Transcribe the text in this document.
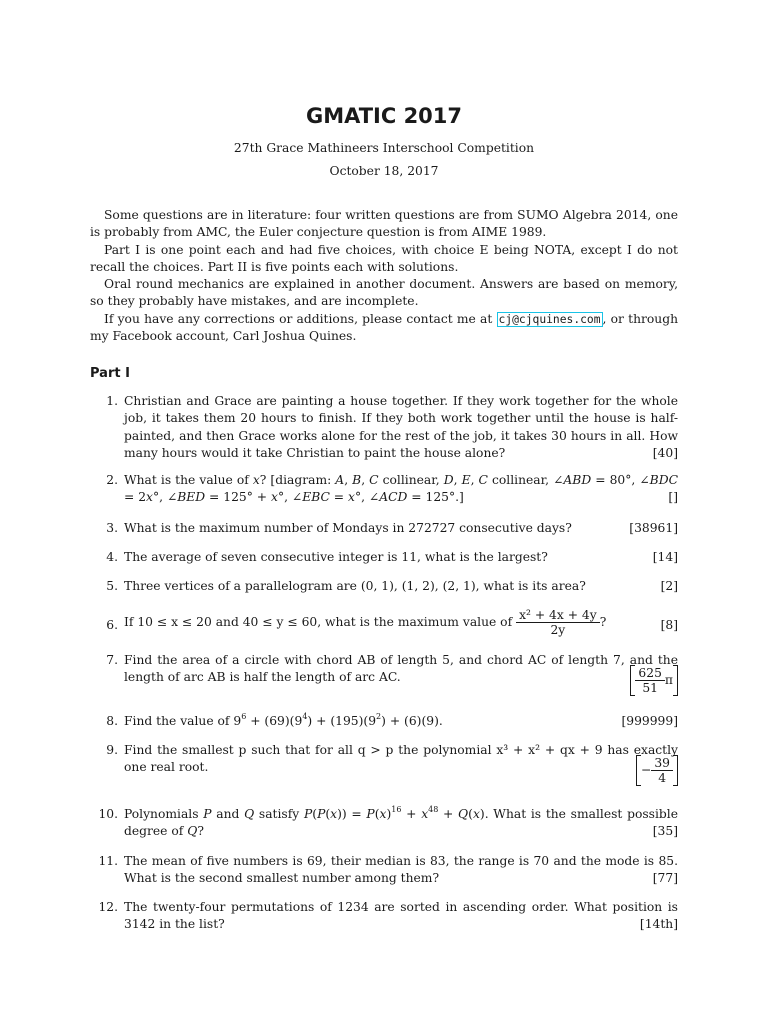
GMATIC 2017
27th Grace Mathineers Interschool Competition
October 18, 2017

Some questions are in literature: four written questions are from SUMO Algebra 2014, one is probably from AMC, the Euler conjecture question is from AIME 1989.

Part I is one point each and had five choices, with choice E being NOTA, except I do not recall the choices. Part II is five points each with solutions.

Oral round mechanics are explained in another document. Answers are based on memory, so they probably have mistakes, and are incomplete.

If you have any corrections or additions, please contact me at cj@cjquines.com , or through my Facebook account, Carl Joshua Quines.

Part I
1. Christian and Grace are painting a house together. If they work together for the whole job, it takes them 20 hours to finish. If they both work together until the house is half-painted, and then Grace works alone for the rest of the job, it takes 30 hours in all. How many hours would it take Christian to paint the house alone?	[40]
2. What is the value of x? [diagram: A, B, C collinear, D, E, C collinear, ∠ABD = 80°, ∠BDC = 2x°, ∠BED = 125° + x°, ∠EBC = x°, ∠ACD = 125°.]	[]
3. What is the maximum number of Mondays in 272727 consecutive days?	[38961]
4. The average of seven consecutive integer is 11, what is the largest?	[14]
5. Three vertices of a parallelogram are (0, 1), (1, 2), (2, 1), what is its area?	[2]
6.	[8]
If 10 ≤ x ≤ 20 and 40 ≤ y ≤ 60, what is the maximum value of $\frac{\text{x² + 4x + 4y}}{2y}$ ?
7. Find the area of a circle with chord AB of length 5, and chord AC of length 7, and the length of arc AB is half the length of arc AC.	$\frac{625}{51}$ π
8. Find the value of $9^6 + (69)(9^4) + (195)(9^2) + (6)(9)$.	[999999]
9. Find the smallest p such that for all q > p the polynomial x³ + x² + qx + 9 has exactly one real root.	− $\frac{39}{4}$
10. Polynomials P and Q satisfy $P(P(x)) = P(x)^{16} + x^{48} + Q(x)$. What is the smallest possible degree of Q?	[35]
11. The mean of five numbers is 69, their median is 83, the range is 70 and the mode is 85. What is the second smallest number among them?	[77]
12. The twenty-four permutations of 1234 are sorted in ascending order. What position is 3142 in the list?	[14th]
